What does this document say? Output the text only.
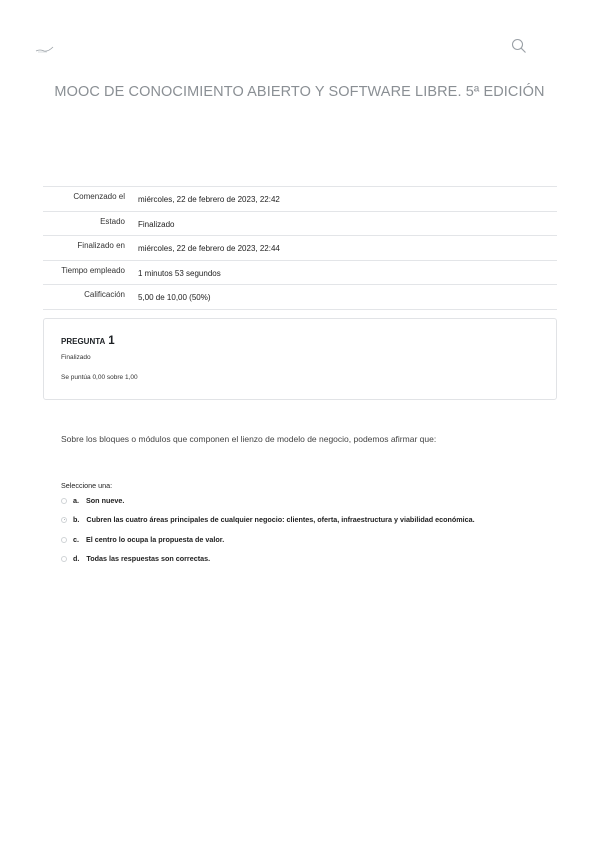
MOOC DE CONOCIMIENTO ABIERTO Y SOFTWARE LIBRE. 5ª EDICIÓN
Comenzado el	miércoles, 22 de febrero de 2023, 22:42
Estado	Finalizado
Finalizado en	miércoles, 22 de febrero de 2023, 22:44
Tiempo empleado	1 minutos 53 segundos
Calificación	5,00 de 10,00 (50%)
PREGUNTA 1
Finalizado
Se puntúa 0,00 sobre 1,00
Sobre los bloques o módulos que componen el lienzo de modelo de negocio, podemos afirmar que:
Seleccione una:
a. Son nueve.
b. Cubren las cuatro áreas principales de cualquier negocio: clientes, oferta, infraestructura y viabilidad económica.
c. El centro lo ocupa la propuesta de valor.
d. Todas las respuestas son correctas.
